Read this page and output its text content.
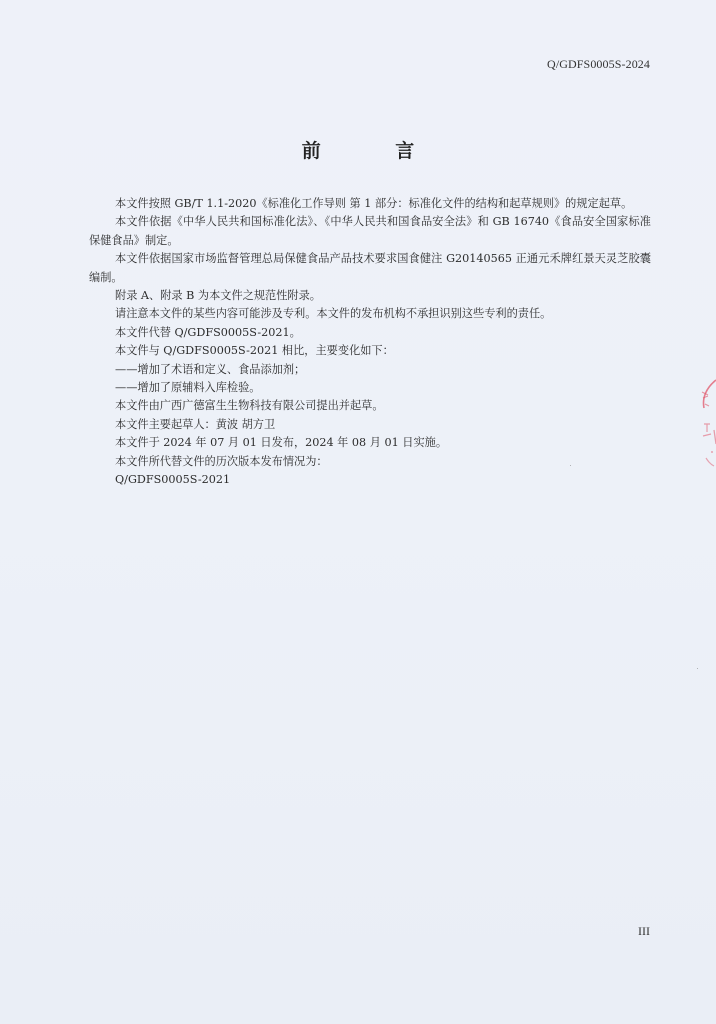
Q/GDFS0005S-2024
前 言

本文件按照 GB/T 1.1-2020《标准化工作导则 第 1 部分：标准化文件的结构和起草规则》的规定起草。

本文件依据《中华人民共和国标准化法》、《中华人民共和国食品安全法》和 GB 16740《食品安全国家标准 保健食品》制定。

本文件依据国家市场监督管理总局保健食品产品技术要求国食健注 G20140565 正通元禾牌红景天灵芝胶囊编制。

附录 A、附录 B 为本文件之规范性附录。

请注意本文件的某些内容可能涉及专利。本文件的发布机构不承担识别这些专利的责任。

本文件代替 Q/GDFS0005S-2021。

本文件与 Q/GDFS0005S-2021 相比，主要变化如下：

——增加了术语和定义、食品添加剂；

——增加了原辅料入库检验。

本文件由广西广德富生生物科技有限公司提出并起草。

本文件主要起草人：黄波 胡方卫

本文件于 2024 年 07 月 01 日发布，2024 年 08 月 01 日实施。

本文件所代替文件的历次版本发布情况为：

Q/GDFS0005S-2021

III
